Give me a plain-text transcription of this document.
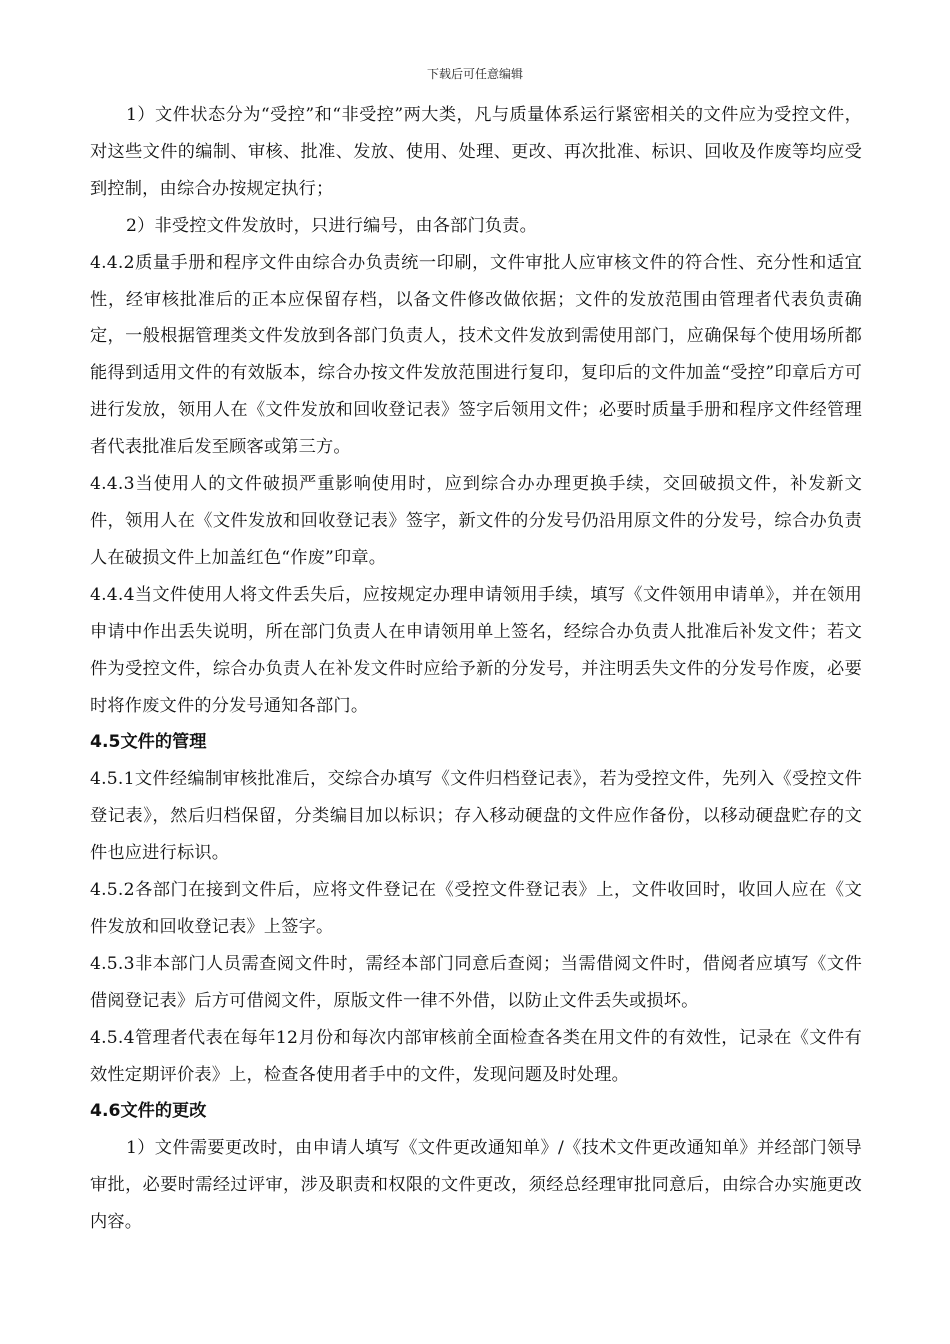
下载后可任意编辑

1）文件状态分为“受控”和“非受控”两大类，凡与质量体系运行紧密相关的文件应为受控文件，对这些文件的编制、审核、批准、发放、使用、处理、更改、再次批准、标识、回收及作废等均应受到控制，由综合办按规定执行；

2）非受控文件发放时，只进行编号，由各部门负责。

4.4.2质量手册和程序文件由综合办负责统一印刷，文件审批人应审核文件的符合性、充分性和适宜性，经审核批准后的正本应保留存档，以备文件修改做依据；文件的发放范围由管理者代表负责确定，一般根据管理类文件发放到各部门负责人，技术文件发放到需使用部门，应确保每个使用场所都能得到适用文件的有效版本，综合办按文件发放范围进行复印，复印后的文件加盖“受控”印章后方可进行发放，领用人在《文件发放和回收登记表》签字后领用文件；必要时质量手册和程序文件经管理者代表批准后发至顾客或第三方。

4.4.3当使用人的文件破损严重影响使用时，应到综合办办理更换手续，交回破损文件，补发新文件，领用人在《文件发放和回收登记表》签字，新文件的分发号仍沿用原文件的分发号，综合办负责人在破损文件上加盖红色“作废”印章。

4.4.4当文件使用人将文件丢失后，应按规定办理申请领用手续，填写《文件领用申请单》，并在领用申请中作出丢失说明，所在部门负责人在申请领用单上签名，经综合办负责人批准后补发文件；若文件为受控文件，综合办负责人在补发文件时应给予新的分发号，并注明丢失文件的分发号作废，必要时将作废文件的分发号通知各部门。

4.5文件的管理

4.5.1文件经编制审核批准后，交综合办填写《文件归档登记表》，若为受控文件，先列入《受控文件登记表》，然后归档保留，分类编目加以标识；存入移动硬盘的文件应作备份，以移动硬盘贮存的文件也应进行标识。

4.5.2各部门在接到文件后，应将文件登记在《受控文件登记表》上，文件收回时，收回人应在《文件发放和回收登记表》上签字。

4.5.3非本部门人员需查阅文件时，需经本部门同意后查阅；当需借阅文件时，借阅者应填写《文件借阅登记表》后方可借阅文件，原版文件一律不外借，以防止文件丢失或损坏。

4.5.4管理者代表在每年12月份和每次内部审核前全面检查各类在用文件的有效性，记录在《文件有效性定期评价表》上，检查各使用者手中的文件，发现问题及时处理。

4.6文件的更改

1）文件需要更改时，由申请人填写《文件更改通知单》/《技术文件更改通知单》并经部门领导审批，必要时需经过评审，涉及职责和权限的文件更改，须经总经理审批同意后，由综合办实施更改内容。
